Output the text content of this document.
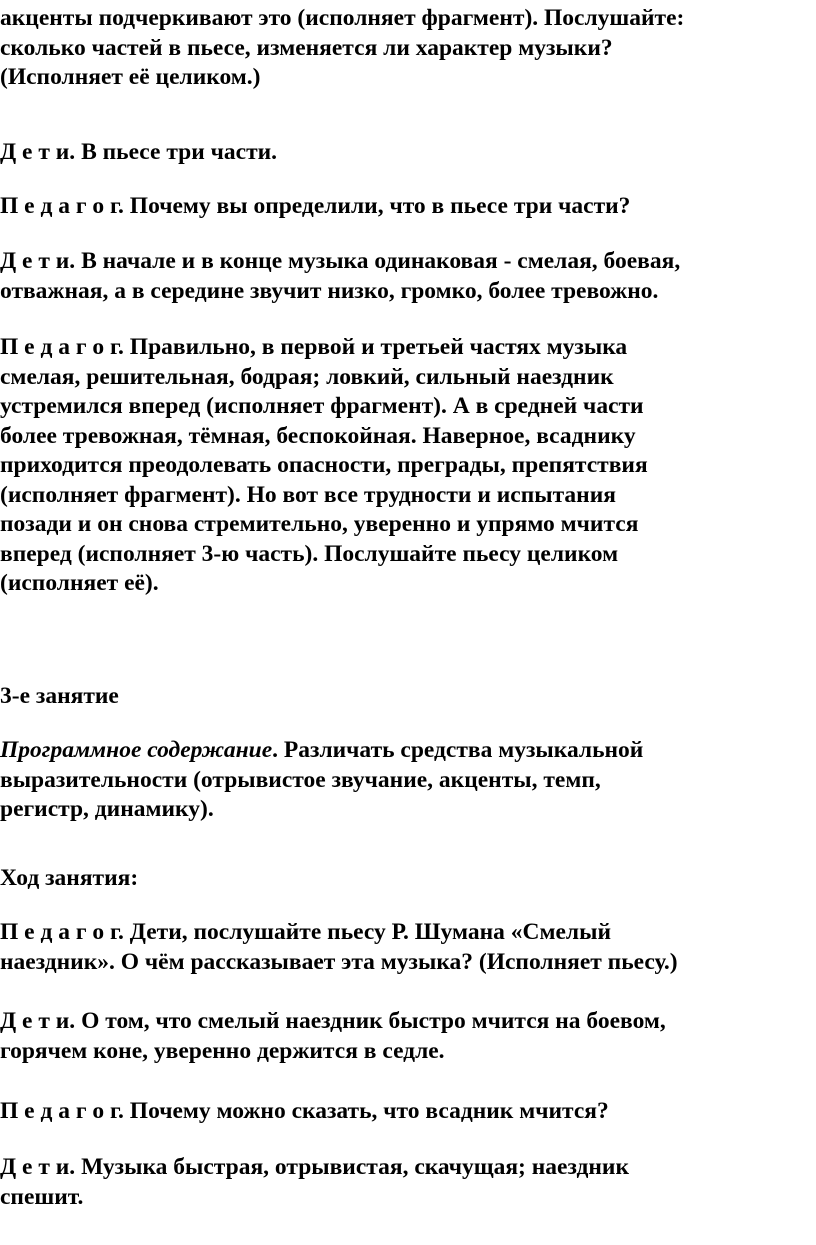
акценты подчеркивают это (исполняет фрагмент). Послушайте:
сколько частей в пьесе, изменяется ли характер музыки?
(Исполняет её целиком.)

Д е т и. В пьесе три части.

П е д а г о г. Почему вы определили, что в пьесе три части?

Д е т и. В начале и в конце музыка одинаковая - смелая, боевая,
отважная, а в середине звучит низко, громко, более тревожно.

П е д а г о г. Правильно, в первой и третьей частях музыка
смелая, решительная, бодрая; ловкий, сильный наездник
устремился вперед (исполняет фрагмент). А в средней части
более тревожная, тёмная, беспокойная. Наверное, всаднику
приходится преодолевать опасности, преграды, препятствия
(исполняет фрагмент). Но вот все трудности и испытания
позади и он снова стремительно, уверенно и упрямо мчится
вперед (исполняет 3-ю часть). Послушайте пьесу целиком
(исполняет её).

3-е занятие

Программное содержание. Различать средства музыкальной
выразительности (отрывистое звучание, акценты, темп,
регистр, динамику).

Ход занятия:

П е д а г о г. Дети, послушайте пьесу Р. Шумана «Смелый
наездник». О чём рассказывает эта музыка? (Исполняет пьесу.)

Д е т и. О том, что смелый наездник быстро мчится на боевом,
горячем коне, уверенно держится в седле.

П е д а г о г. Почему можно сказать, что всадник мчится?

Д е т и. Музыка быстрая, отрывистая, скачущая; наездник
спешит.
